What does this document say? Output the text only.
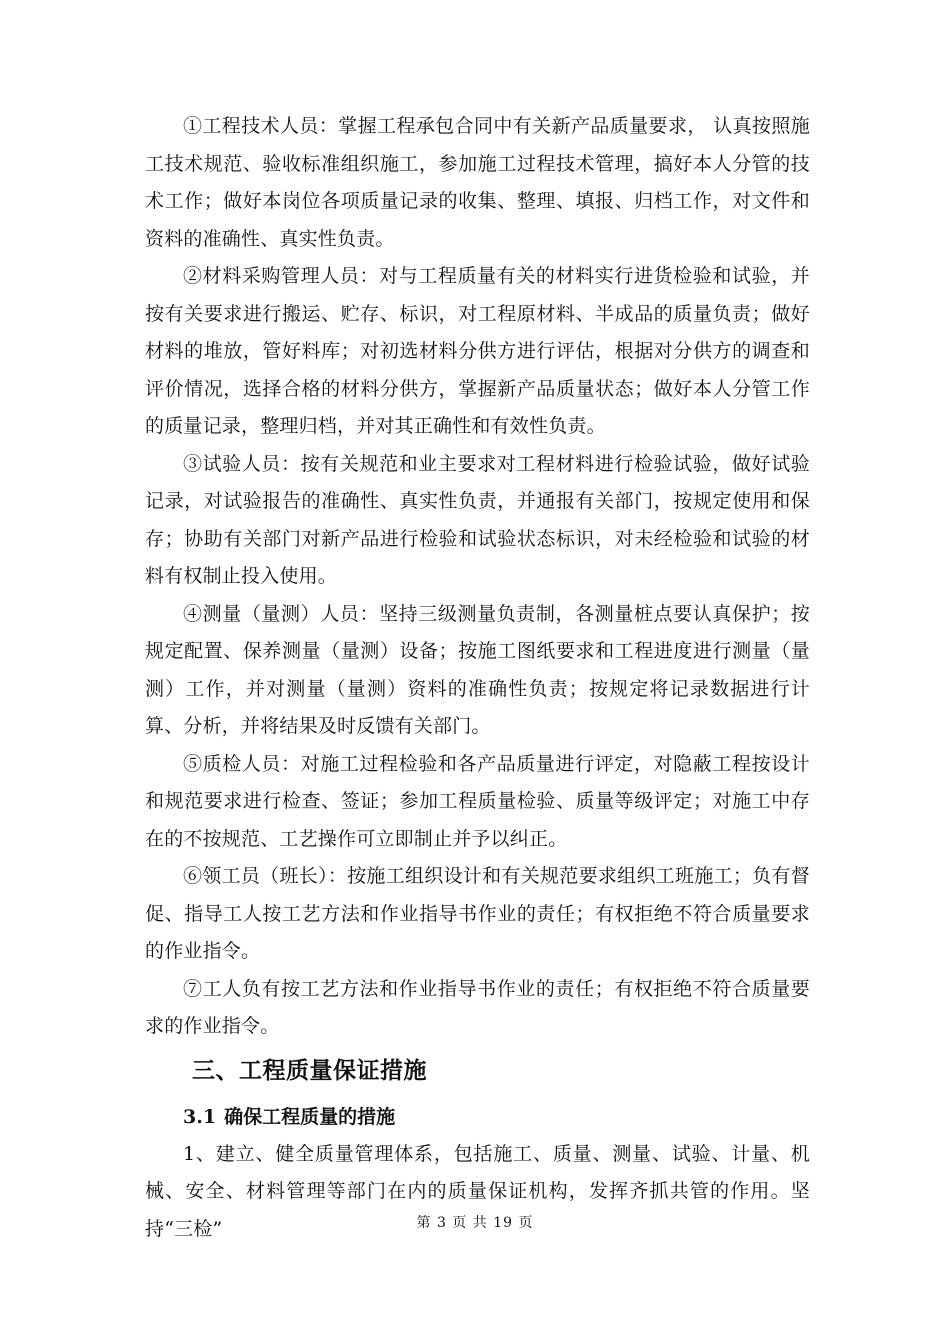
①工程技术人员：掌握工程承包合同中有关新产品质量要求， 认真按照施工技术规范、验收标准组织施工，参加施工过程技术管理，搞好本人分管的技术工作；做好本岗位各项质量记录的收集、整理、填报、归档工作，对文件和资料的准确性、真实性负责。

②材料采购管理人员：对与工程质量有关的材料实行进货检验和试验，并按有关要求进行搬运、贮存、标识，对工程原材料、半成品的质量负责；做好材料的堆放，管好料库；对初选材料分供方进行评估，根据对分供方的调查和评价情况，选择合格的材料分供方，掌握新产品质量状态；做好本人分管工作的质量记录，整理归档，并对其正确性和有效性负责。

③试验人员：按有关规范和业主要求对工程材料进行检验试验，做好试验记录，对试验报告的准确性、真实性负责，并通报有关部门，按规定使用和保存；协助有关部门对新产品进行检验和试验状态标识，对未经检验和试验的材料有权制止投入使用。

④测量（量测）人员：坚持三级测量负责制，各测量桩点要认真保护；按规定配置、保养测量（量测）设备；按施工图纸要求和工程进度进行测量（量测）工作，并对测量（量测）资料的准确性负责；按规定将记录数据进行计算、分析，并将结果及时反馈有关部门。

⑤质检人员：对施工过程检验和各产品质量进行评定，对隐蔽工程按设计和规范要求进行检查、签证；参加工程质量检验、质量等级评定；对施工中存在的不按规范、工艺操作可立即制止并予以纠正。

⑥领工员（班长）：按施工组织设计和有关规范要求组织工班施工；负有督促、指导工人按工艺方法和作业指导书作业的责任；有权拒绝不符合质量要求的作业指令。

⑦工人负有按工艺方法和作业指导书作业的责任；有权拒绝不符合质量要求的作业指令。

三、工程质量保证措施
3.1 确保工程质量的措施

1、建立、健全质量管理体系，包括施工、质量、测量、试验、计量、机械、安全、材料管理等部门在内的质量保证机构，发挥齐抓共管的作用。坚持“三检”	第 3 页 共 19 页
